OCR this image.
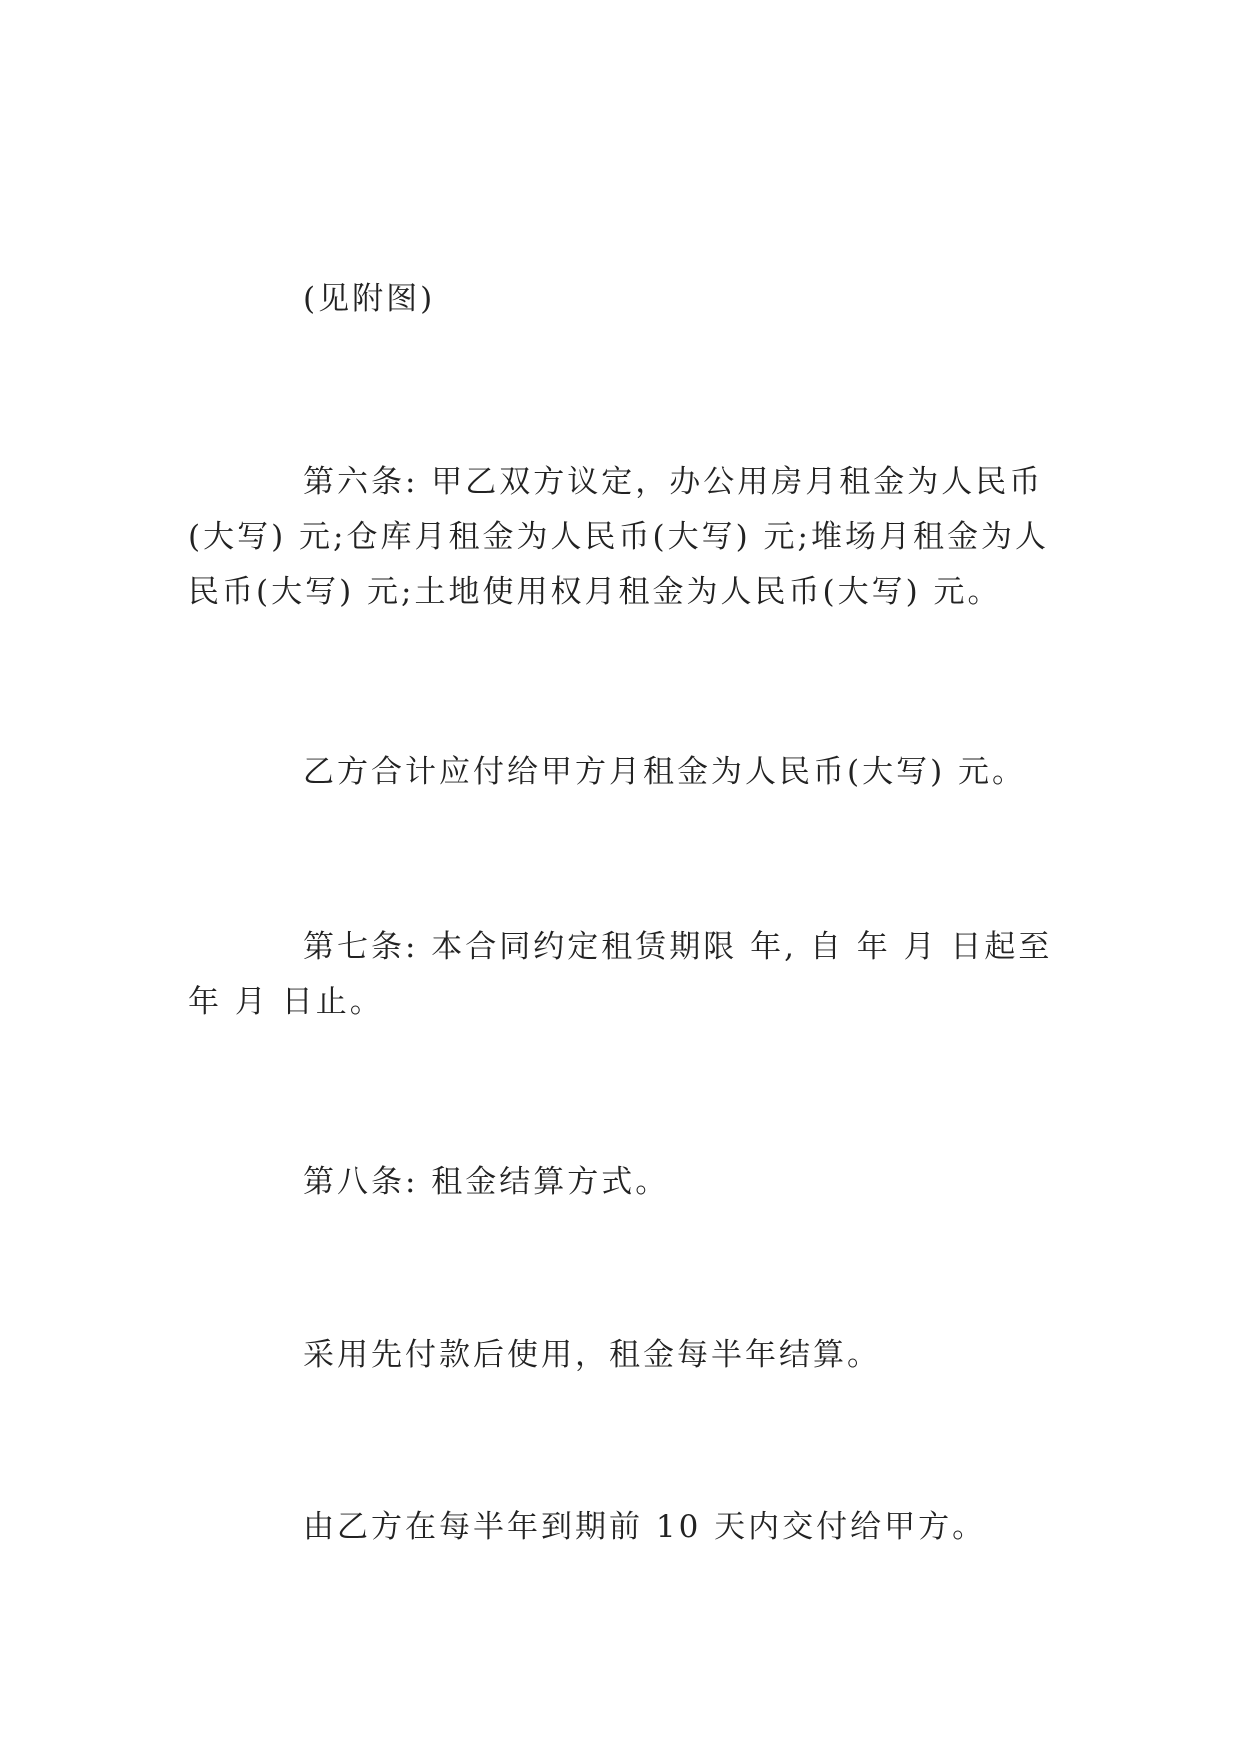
(见附图)

第六条: 甲乙双方议定，办公用房月租金为人民币(大写) 元;仓库月租金为人民币(大写) 元;堆场月租金为人民币(大写) 元;土地使用权月租金为人民币(大写) 元。

乙方合计应付给甲方月租金为人民币(大写) 元。

第七条: 本合同约定租赁期限 年, 自 年 月 日起至 年 月 日止。

第八条: 租金结算方式。

采用先付款后使用，租金每半年结算。

由乙方在每半年到期前 10 天内交付给甲方。
